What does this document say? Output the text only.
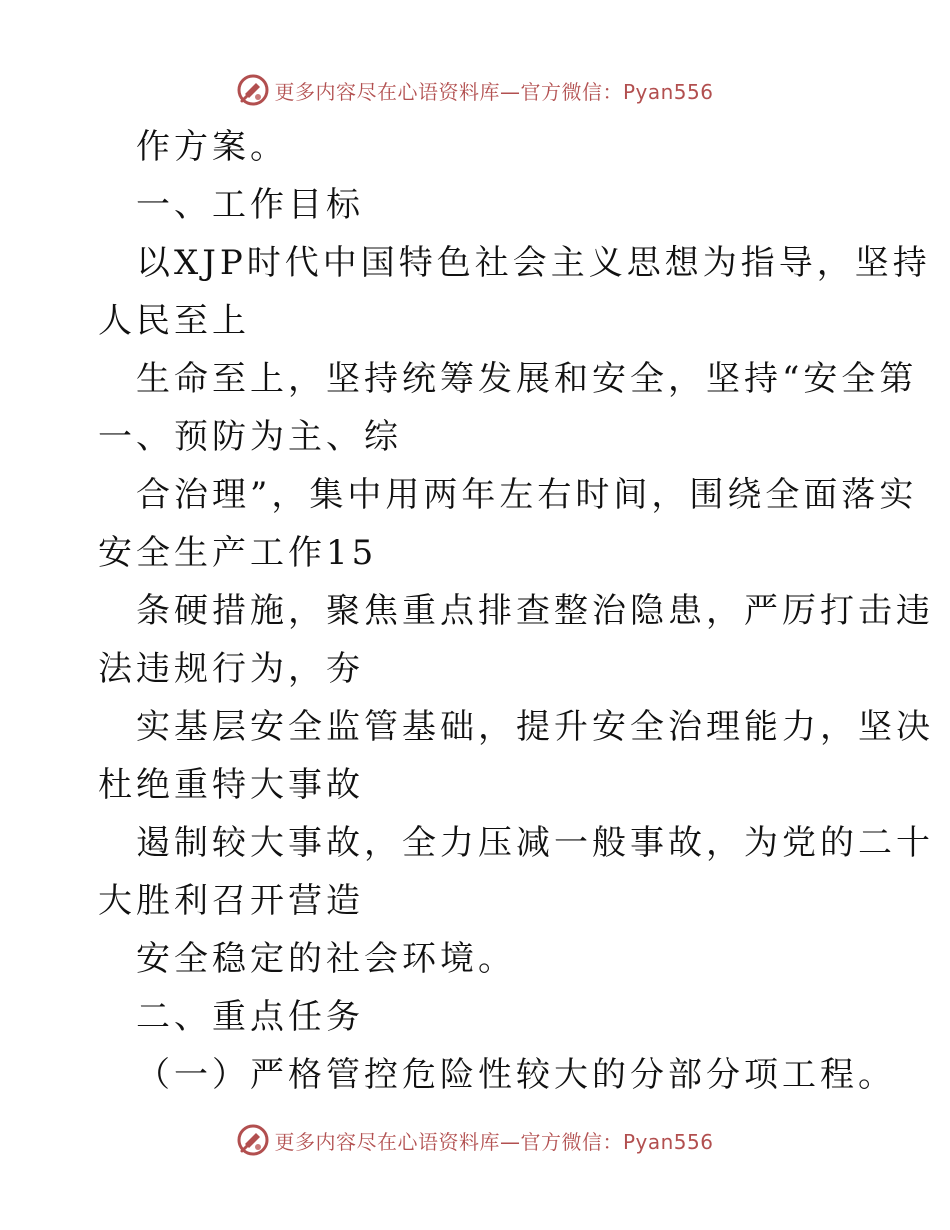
更多内容尽在心语资料库—官方微信：Pyan556
作方案。
一、工作目标
以XJP时代中国特色社会主义思想为指导，坚持
人民至上
生命至上，坚持统筹发展和安全，坚持“安全第
一、预防为主、综
合治理”，集中用两年左右时间，围绕全面落实
安全生产工作15
条硬措施，聚焦重点排查整治隐患，严厉打击违
法违规行为，夯
实基层安全监管基础，提升安全治理能力，坚决
杜绝重特大事故
遏制较大事故，全力压减一般事故，为党的二十
大胜利召开营造
安全稳定的社会环境。
二、重点任务
（一）严格管控危险性较大的分部分项工程。
更多内容尽在心语资料库—官方微信：Pyan556
